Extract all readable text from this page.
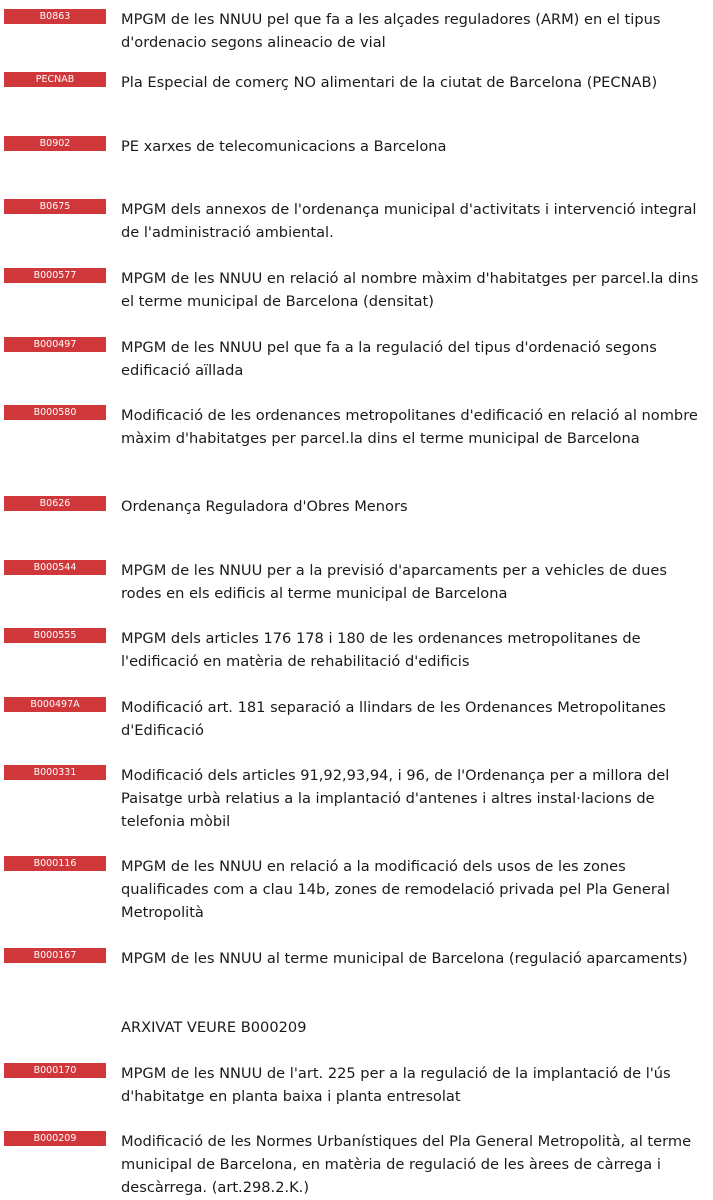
B0863	MPGM de les NNUU pel que fa a les alçades reguladores (ARM) en el tipus d'ordenacio segons alineacio de vial

PECNAB	Pla Especial de comerç NO alimentari de la ciutat de Barcelona (PECNAB)

B0902	PE xarxes de telecomunicacions a Barcelona

B0675	MPGM dels annexos de l'ordenança municipal d'activitats i intervenció integral de l'administració ambiental.

B000577	MPGM de les NNUU en relació al nombre màxim d'habitatges per parcel.la dins el terme municipal de Barcelona (densitat)

B000497	MPGM de les NNUU pel que fa a la regulació del tipus d'ordenació segons edificació aïllada

B000580	Modificació de les ordenances metropolitanes d'edificació en relació al nombre màxim d'habitatges per parcel.la dins el terme municipal de Barcelona

B0626	Ordenança Reguladora d'Obres Menors

B000544	MPGM de les NNUU per a la previsió d'aparcaments per a vehicles de dues rodes en els edificis al terme municipal de Barcelona

B000555	MPGM dels articles 176 178 i 180 de les ordenances metropolitanes de l'edificació en matèria de rehabilitació d'edificis

B000497A	Modificació art. 181 separació a llindars de les Ordenances Metropolitanes d'Edificació

B000331	Modificació dels articles 91,92,93,94, i 96, de l'Ordenança per a millora del Paisatge urbà relatius a la implantació d'antenes i altres instal·lacions de telefonia mòbil

B000116	MPGM de les NNUU en relació a la modificació dels usos de les zones qualificades com a clau 14b, zones de remodelació privada pel Pla General Metropolità

B000167	MPGM de les NNUU al terme municipal de Barcelona (regulació aparcaments)

ARXIVAT VEURE B000209

B000170	MPGM de les NNUU de l'art. 225 per a la regulació de la implantació de l'ús d'habitatge en planta baixa i planta entresolat

B000209	Modificació de les Normes Urbanístiques del Pla General Metropolità, al terme municipal de Barcelona, en matèria de regulació de les àrees de càrrega i descàrrega. (art.298.2.K.)
